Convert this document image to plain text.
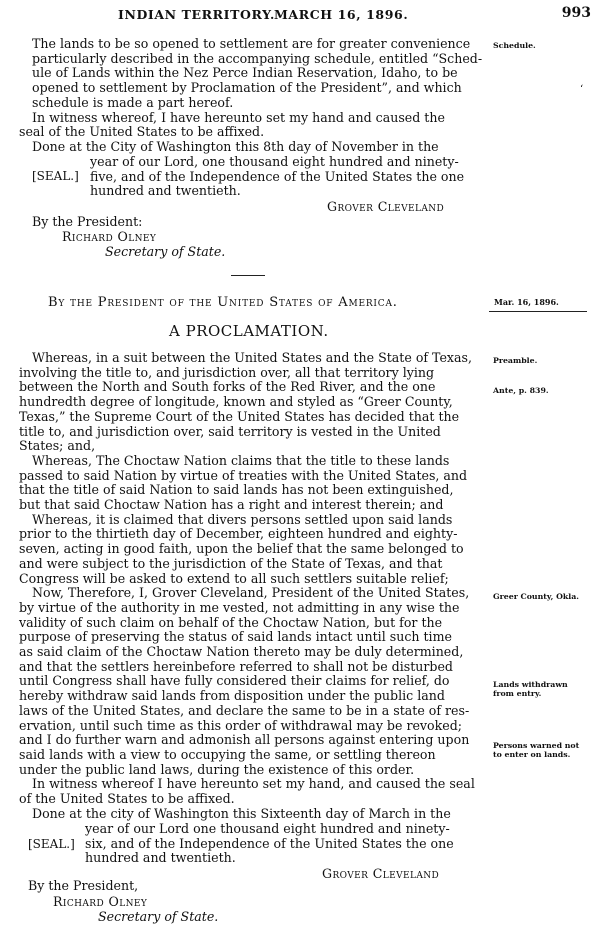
INDIAN TERRITORY. MARCH 16, 1896.	993
The lands to be so opened to settlement are for greater convenience
particularly described in the accompanying schedule, entitled “Sched-
ule of Lands within the Nez Perce Indian Reservation, Idaho, to be
opened to settlement by Proclamation of the President”, and which
schedule is made a part hereof.
In witness whereof, I have hereunto set my hand and caused the
seal of the United States to be affixed.
Done at the City of Washington this 8th day of November in the
year of our Lord, one thousand eight hundred and ninety-
five, and of the Independence of the United States the one
hundred and twentieth.
[SEAL.]
Grover Cleveland
By the President:
Richard Olney
Secretary of State.
Schedule.
ʻ
By the President of the United States of America.	Mar. 16, 1896.
A PROCLAMATION.
Whereas, in a suit between the United States and the State of Texas,
involving the title to, and jurisdiction over, all that territory lying
between the North and South forks of the Red River, and the one
hundredth degree of longitude, known and styled as “Greer County,
Texas,” the Supreme Court of the United States has decided that the
title to, and jurisdiction over, said territory is vested in the United
States; and,
Whereas, The Choctaw Nation claims that the title to these lands
passed to said Nation by virtue of treaties with the United States, and
that the title of said Nation to said lands has not been extinguished,
but that said Choctaw Nation has a right and interest therein; and
Whereas, it is claimed that divers persons settled upon said lands
prior to the thirtieth day of December, eighteen hundred and eighty-
seven, acting in good faith, upon the belief that the same belonged to
and were subject to the jurisdiction of the State of Texas, and that
Congress will be asked to extend to all such settlers suitable relief;
Now, Therefore, I, Grover Cleveland, President of the United States,
by virtue of the authority in me vested, not admitting in any wise the
validity of such claim on behalf of the Choctaw Nation, but for the
purpose of preserving the status of said lands intact until such time
as said claim of the Choctaw Nation thereto may be duly determined,
and that the settlers hereinbefore referred to shall not be disturbed
until Congress shall have fully considered their claims for relief, do
hereby withdraw said lands from disposition under the public land
laws of the United States, and declare the same to be in a state of res-
ervation, until such time as this order of withdrawal may be revoked;
and I do further warn and admonish all persons against entering upon
said lands with a view to occupying the same, or settling thereon
under the public land laws, during the existence of this order.
In witness whereof I have hereunto set my hand, and caused the seal
of the United States to be affixed.
Done at the city of Washington this Sixteenth day of March in the
year of our Lord one thousand eight hundred and ninety-
six, and of the Independence of the United States the one
hundred and twentieth.
[SEAL.]
Grover Cleveland
By the President,
Richard Olney
Secretary of State.
Preamble.
Ante, p. 839.
Greer County, Okla.
Lands withdrawn from entry.
Persons warned not to enter on lands.
